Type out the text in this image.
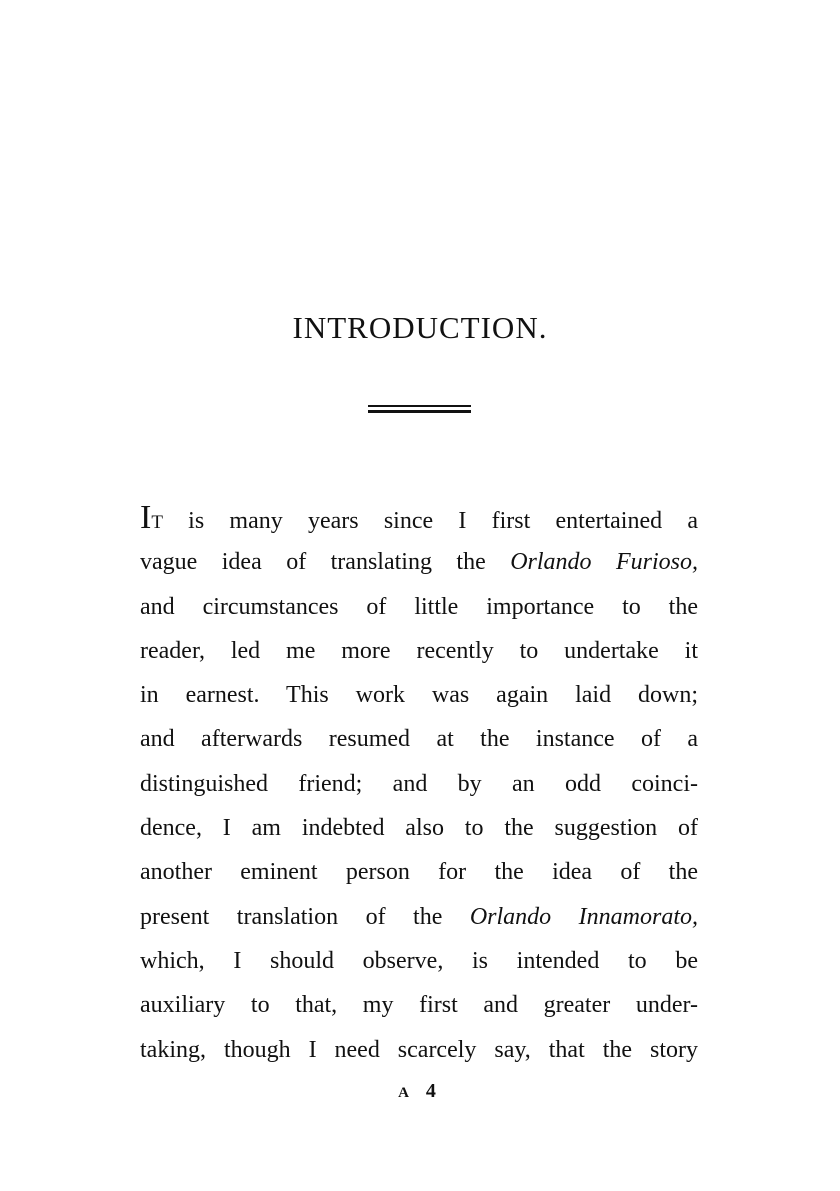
INTRODUCTION.
IT is many years since I first entertained a
vague idea of translating the Orlando Furioso,
and circumstances of little importance to the
reader, led me more recently to undertake it
in earnest. This work was again laid down;
and afterwards resumed at the instance of a
distinguished friend; and by an odd coinci-
dence, I am indebted also to the suggestion of
another eminent person for the idea of the
present translation of the Orlando Innamorato,
which, I should observe, is intended to be
auxiliary to that, my first and greater under-
taking, though I need scarcely say, that the story
A 4
